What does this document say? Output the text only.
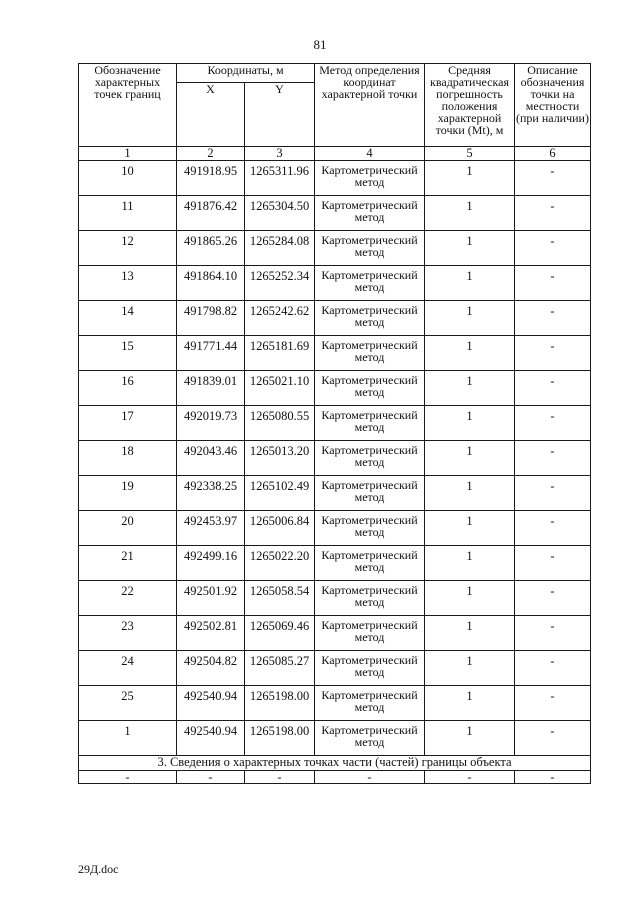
81
Обозначение характерных точек границ	Координаты, м		Метод определения координат характерной точки	Средняя квадратическая погрешность положения характерной точки (Mt), м	Описание обозначения точки на местности (при наличии)
	X	Y			
1	2	3	4	5	6
10	491918.95	1265311.96	Картометрический метод	1	-
11	491876.42	1265304.50	Картометрический метод	1	-
12	491865.26	1265284.08	Картометрический метод	1	-
13	491864.10	1265252.34	Картометрический метод	1	-
14	491798.82	1265242.62	Картометрический метод	1	-
15	491771.44	1265181.69	Картометрический метод	1	-
16	491839.01	1265021.10	Картометрический метод	1	-
17	492019.73	1265080.55	Картометрический метод	1	-
18	492043.46	1265013.20	Картометрический метод	1	-
19	492338.25	1265102.49	Картометрический метод	1	-
20	492453.97	1265006.84	Картометрический метод	1	-
21	492499.16	1265022.20	Картометрический метод	1	-
22	492501.92	1265058.54	Картометрический метод	1	-
23	492502.81	1265069.46	Картометрический метод	1	-
24	492504.82	1265085.27	Картометрический метод	1	-
25	492540.94	1265198.00	Картометрический метод	1	-
1	492540.94	1265198.00	Картометрический метод	1	-
3. Сведения о характерных точках части (частей) границы объекта					
-	-	-	-	-	-
29Д.doc
